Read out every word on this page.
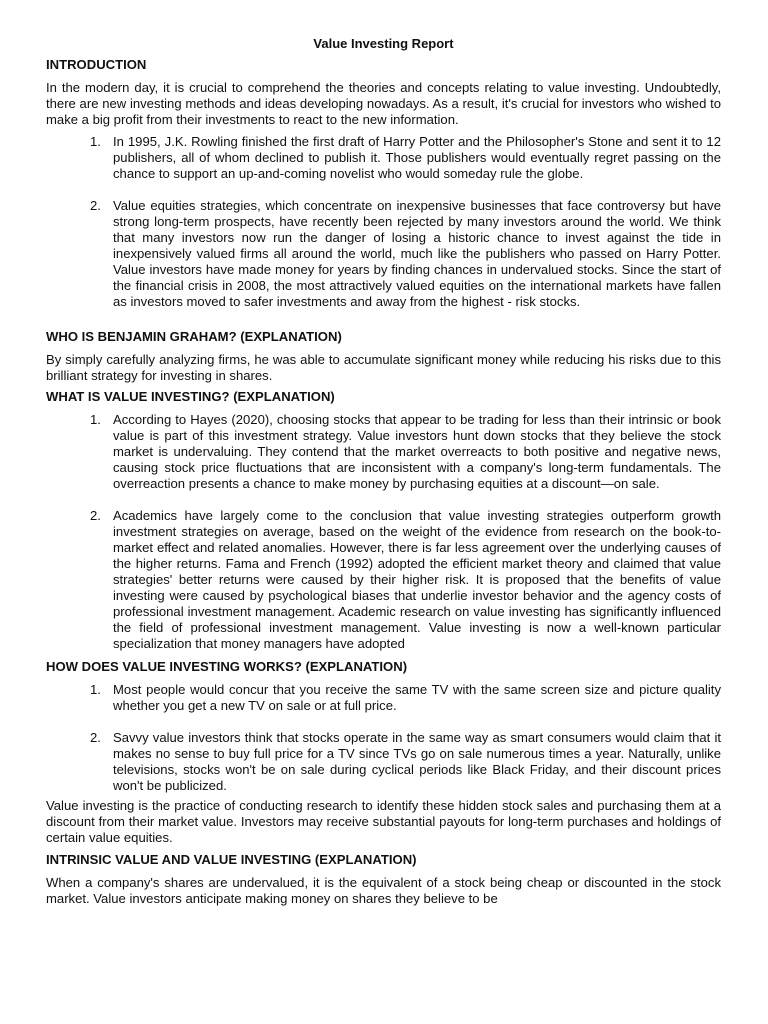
Value Investing Report
INTRODUCTION

In the modern day, it is crucial to comprehend the theories and concepts relating to value investing. Undoubtedly, there are new investing methods and ideas developing nowadays. As a result, it's crucial for investors who wished to make a big profit from their investments to react to the new information.

1. In 1995, J.K. Rowling finished the first draft of Harry Potter and the Philosopher's Stone and sent it to 12 publishers, all of whom declined to publish it. Those publishers would eventually regret passing on the chance to support an up-and-coming novelist who would someday rule the globe.
2. Value equities strategies, which concentrate on inexpensive businesses that face controversy but have strong long-term prospects, have recently been rejected by many investors around the world. We think that many investors now run the danger of losing a historic chance to invest against the tide in inexpensively valued firms all around the world, much like the publishers who passed on Harry Potter. Value investors have made money for years by finding chances in undervalued stocks. Since the start of the financial crisis in 2008, the most attractively valued equities on the international markets have fallen as investors moved to safer investments and away from the highest - risk stocks.
WHO IS BENJAMIN GRAHAM? (EXPLANATION)

By simply carefully analyzing firms, he was able to accumulate significant money while reducing his risks due to this brilliant strategy for investing in shares.

WHAT IS VALUE INVESTING? (EXPLANATION)
1. According to Hayes (2020), choosing stocks that appear to be trading for less than their intrinsic or book value is part of this investment strategy. Value investors hunt down stocks that they believe the stock market is undervaluing. They contend that the market overreacts to both positive and negative news, causing stock price fluctuations that are inconsistent with a company's long-term fundamentals. The overreaction presents a chance to make money by purchasing equities at a discount—on sale.
2. Academics have largely come to the conclusion that value investing strategies outperform growth investment strategies on average, based on the weight of the evidence from research on the book-to-market effect and related anomalies. However, there is far less agreement over the underlying causes of the higher returns. Fama and French (1992) adopted the efficient market theory and claimed that value strategies' better returns were caused by their higher risk. It is proposed that the benefits of value investing were caused by psychological biases that underlie investor behavior and the agency costs of professional investment management. Academic research on value investing has significantly influenced the field of professional investment management. Value investing is now a well-known particular specialization that money managers have adopted
HOW DOES VALUE INVESTING WORKS? (EXPLANATION)
1. Most people would concur that you receive the same TV with the same screen size and picture quality whether you get a new TV on sale or at full price.
2. Savvy value investors think that stocks operate in the same way as smart consumers would claim that it makes no sense to buy full price for a TV since TVs go on sale numerous times a year. Naturally, unlike televisions, stocks won't be on sale during cyclical periods like Black Friday, and their discount prices won't be publicized.

Value investing is the practice of conducting research to identify these hidden stock sales and purchasing them at a discount from their market value. Investors may receive substantial payouts for long-term purchases and holdings of certain value equities.

INTRINSIC VALUE AND VALUE INVESTING (EXPLANATION)

When a company's shares are undervalued, it is the equivalent of a stock being cheap or discounted in the stock market. Value investors anticipate making money on shares they believe to be
